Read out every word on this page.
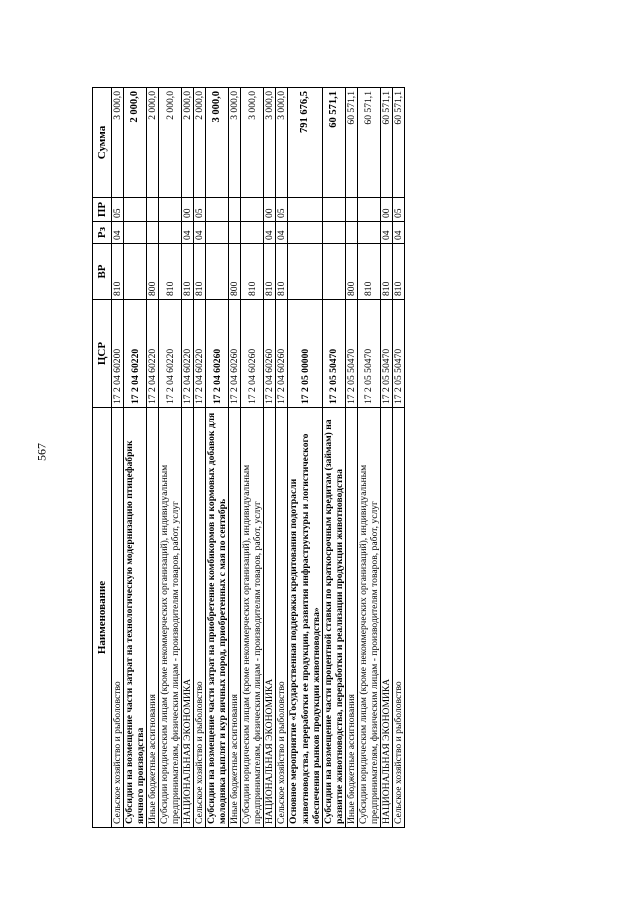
567
Наименование	ЦСР	ВР	Рз	ПР	Сумма
Сельское хозяйство и рыболовство	17 2 04 60200	810	04	05	3 000,0
Субсидии на возмещение части затрат на технологическую модернизацию птицефабрик яичного производства	17 2 04 60220				2 000,0
Иные бюджетные ассигнования	17 2 04 60220	800			2 000,0
Субсидии юридическим лицам (кроме некоммерческих организаций), индивидуальным предпринимателям, физическим лицам - производителям товаров, работ, услуг	17 2 04 60220	810			2 000,0
НАЦИОНАЛЬНАЯ ЭКОНОМИКА	17 2 04 60220	810	04	00	2 000,0
Сельское хозяйство и рыболовство	17 2 04 60220	810	04	05	2 000,0
Субсидии на возмещение части затрат на приобретение комбикормов и кормовых добавок для молодняка цыплят и кур яичных пород, приобретенных с мая по сентябрь	17 2 04 60260				3 000,0
Иные бюджетные ассигнования	17 2 04 60260	800			3 000,0
Субсидии юридическим лицам (кроме некоммерческих организаций), индивидуальным предпринимателям, физическим лицам - производителям товаров, работ, услуг	17 2 04 60260	810			3 000,0
НАЦИОНАЛЬНАЯ ЭКОНОМИКА	17 2 04 60260	810	04	00	3 000,0
Сельское хозяйство и рыболовство	17 2 04 60260	810	04	05	3 000,0
Основное мероприятие «Государственная поддержка кредитования подотрасли животноводства, переработки ее продукции, развития инфраструктуры и логистического обеспечения рынков продукции животноводства»	17 2 05 00000				791 676,5
Субсидии на возмещение части процентной ставки по краткосрочным кредитам (займам) на развитие животноводства, переработки и реализации продукции животноводства	17 2 05 50470				60 571,1
Иные бюджетные ассигнования	17 2 05 50470	800			60 571,1
Субсидии юридическим лицам (кроме некоммерческих организаций), индивидуальным предпринимателям, физическим лицам - производителям товаров, работ, услуг	17 2 05 50470	810			60 571,1
НАЦИОНАЛЬНАЯ ЭКОНОМИКА	17 2 05 50470	810	04	00	60 571,1
Сельское хозяйство и рыболовство	17 2 05 50470	810	04	05	60 571,1
